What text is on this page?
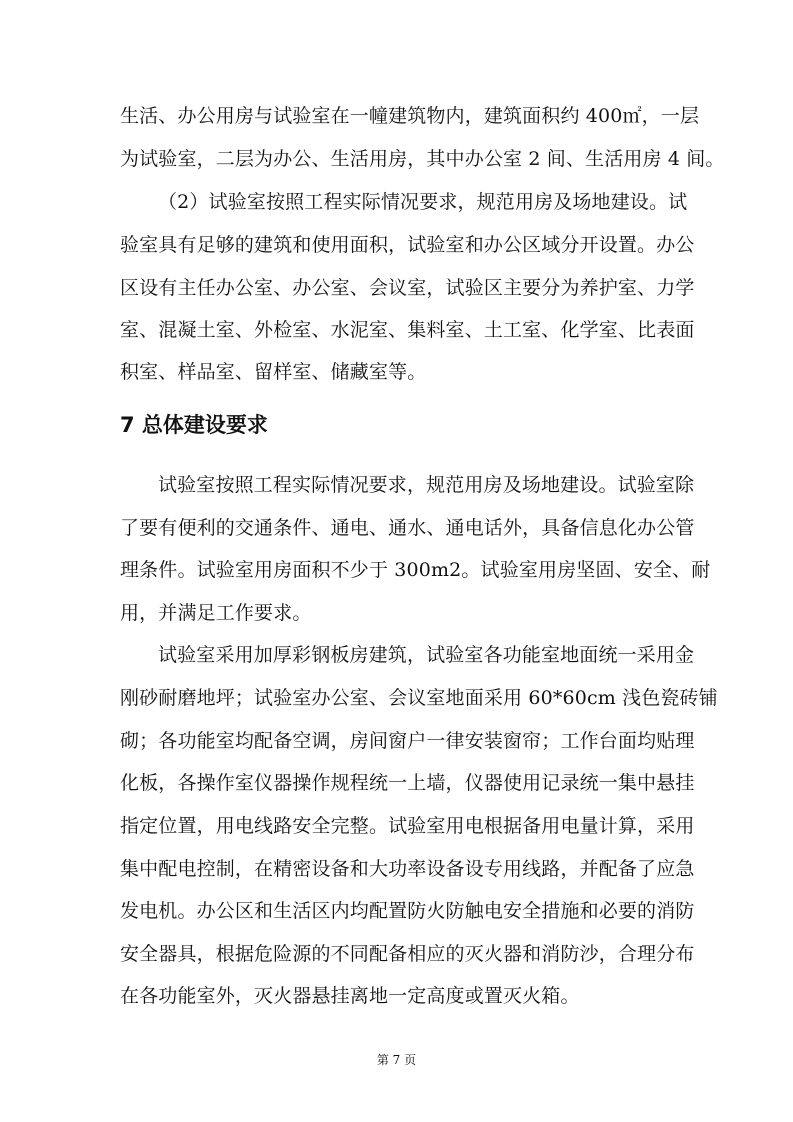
生活、办公用房与试验室在一幢建筑物内，建筑面积约 400㎡，一层
为试验室，二层为办公、生活用房，其中办公室 2 间、生活用房 4 间。
（2）试验室按照工程实际情况要求，规范用房及场地建设。试
验室具有足够的建筑和使用面积，试验室和办公区域分开设置。办公
区设有主任办公室、办公室、会议室，试验区主要分为养护室、力学
室、混凝土室、外检室、水泥室、集料室、土工室、化学室、比表面
积室、样品室、留样室、储藏室等。
7 总体建设要求
试验室按照工程实际情况要求，规范用房及场地建设。试验室除
了要有便利的交通条件、通电、通水、通电话外，具备信息化办公管
理条件。试验室用房面积不少于 300m2。试验室用房坚固、安全、耐
用，并满足工作要求。
试验室采用加厚彩钢板房建筑，试验室各功能室地面统一采用金
刚砂耐磨地坪；试验室办公室、会议室地面采用 60*60cm 浅色瓷砖铺
砌；各功能室均配备空调，房间窗户一律安装窗帘；工作台面均贴理
化板，各操作室仪器操作规程统一上墙，仪器使用记录统一集中悬挂
指定位置，用电线路安全完整。试验室用电根据备用电量计算，采用
集中配电控制，在精密设备和大功率设备设专用线路，并配备了应急
发电机。办公区和生活区内均配置防火防触电安全措施和必要的消防
安全器具，根据危险源的不同配备相应的灭火器和消防沙，合理分布
在各功能室外，灭火器悬挂离地一定高度或置灭火箱。
第 7 页
